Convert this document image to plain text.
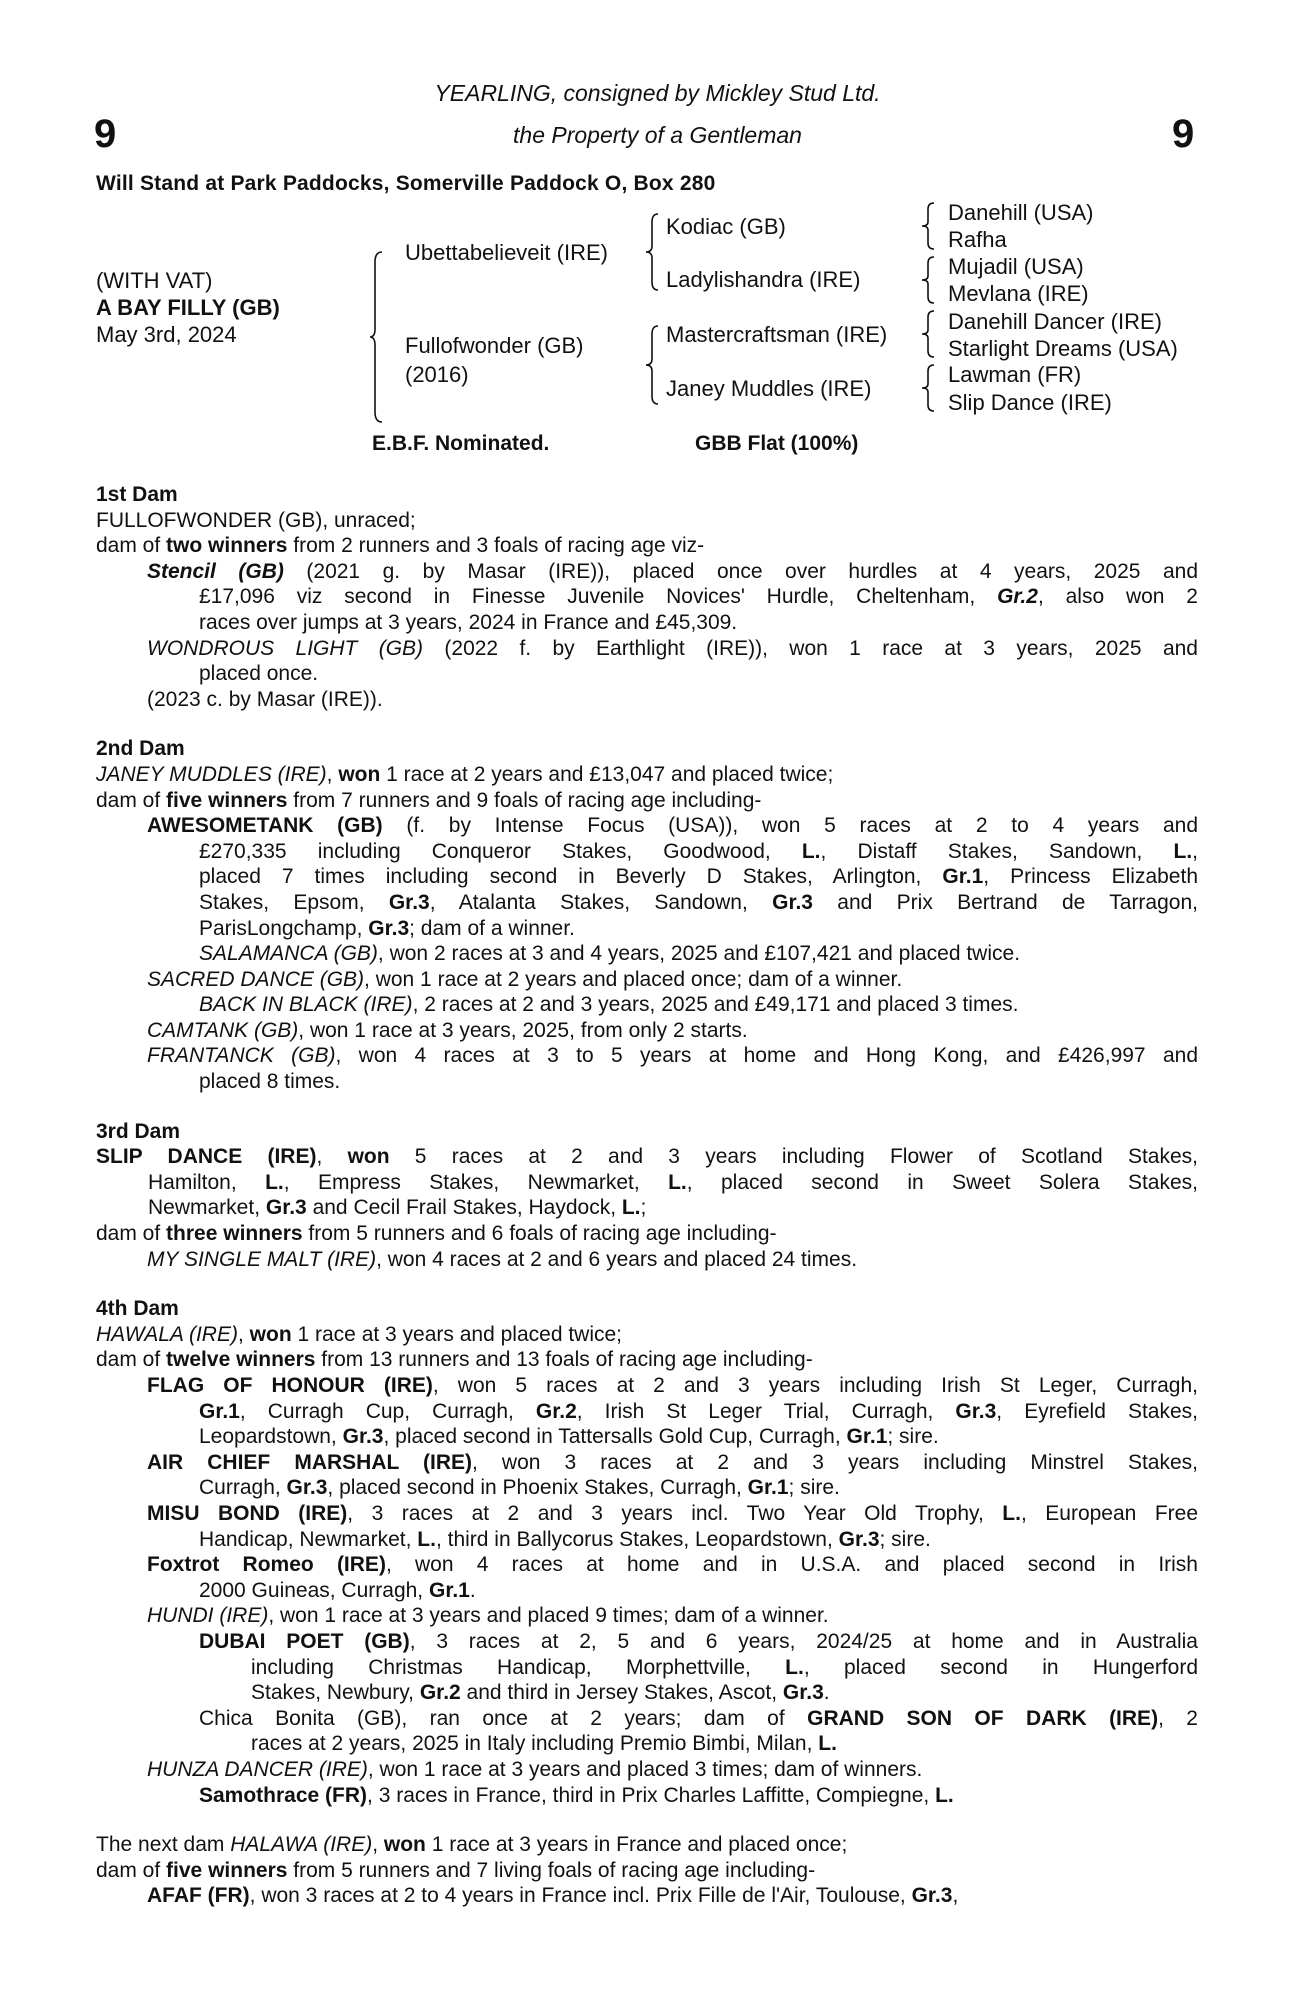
YEARLING, consigned by Mickley Stud Ltd.
the Property of a Gentleman
9	9
Will Stand at Park Paddocks, Somerville Paddock O, Box 280
(WITH VAT)
A BAY FILLY (GB)
May 3rd, 2024
Ubettabelieveit (IRE)
Fullofwonder (GB)
(2016)
Kodiac (GB)
Ladylishandra (IRE)
Mastercraftsman (IRE)
Janey Muddles (IRE)
Danehill (USA)
Rafha
Mujadil (USA)
Mevlana (IRE)
Danehill Dancer (IRE)
Starlight Dreams (USA)
Lawman (FR)
Slip Dance (IRE)
E.B.F. Nominated.	GBB Flat (100%)
1st Dam
FULLOFWONDER (GB), unraced;
dam of two winners from 2 runners and 3 foals of racing age viz-
Stencil (GB) (2021 g. by Masar (IRE)), placed once over hurdles at 4 years, 2025 and
£17,096 viz second in Finesse Juvenile Novices' Hurdle, Cheltenham, Gr.2, also won 2
races over jumps at 3 years, 2024 in France and £45,309.
WONDROUS LIGHT (GB) (2022 f. by Earthlight (IRE)), won 1 race at 3 years, 2025 and
placed once.
(2023 c. by Masar (IRE)).
2nd Dam
JANEY MUDDLES (IRE), won 1 race at 2 years and £13,047 and placed twice;
dam of five winners from 7 runners and 9 foals of racing age including-
AWESOMETANK (GB) (f. by Intense Focus (USA)), won 5 races at 2 to 4 years and
£270,335 including Conqueror Stakes, Goodwood, L., Distaff Stakes, Sandown, L.,
placed 7 times including second in Beverly D Stakes, Arlington, Gr.1, Princess Elizabeth
Stakes, Epsom, Gr.3, Atalanta Stakes, Sandown, Gr.3 and Prix Bertrand de Tarragon,
ParisLongchamp, Gr.3; dam of a winner.
SALAMANCA (GB), won 2 races at 3 and 4 years, 2025 and £107,421 and placed twice.
SACRED DANCE (GB), won 1 race at 2 years and placed once; dam of a winner.
BACK IN BLACK (IRE), 2 races at 2 and 3 years, 2025 and £49,171 and placed 3 times.
CAMTANK (GB), won 1 race at 3 years, 2025, from only 2 starts.
FRANTANCK (GB), won 4 races at 3 to 5 years at home and Hong Kong, and £426,997 and
placed 8 times.
3rd Dam
SLIP DANCE (IRE), won 5 races at 2 and 3 years including Flower of Scotland Stakes,
Hamilton, L., Empress Stakes, Newmarket, L., placed second in Sweet Solera Stakes,
Newmarket, Gr.3 and Cecil Frail Stakes, Haydock, L.;
dam of three winners from 5 runners and 6 foals of racing age including-
MY SINGLE MALT (IRE), won 4 races at 2 and 6 years and placed 24 times.
4th Dam
HAWALA (IRE), won 1 race at 3 years and placed twice;
dam of twelve winners from 13 runners and 13 foals of racing age including-
FLAG OF HONOUR (IRE), won 5 races at 2 and 3 years including Irish St Leger, Curragh,
Gr.1, Curragh Cup, Curragh, Gr.2, Irish St Leger Trial, Curragh, Gr.3, Eyrefield Stakes,
Leopardstown, Gr.3, placed second in Tattersalls Gold Cup, Curragh, Gr.1; sire.
AIR CHIEF MARSHAL (IRE), won 3 races at 2 and 3 years including Minstrel Stakes,
Curragh, Gr.3, placed second in Phoenix Stakes, Curragh, Gr.1; sire.
MISU BOND (IRE), 3 races at 2 and 3 years incl. Two Year Old Trophy, L., European Free
Handicap, Newmarket, L., third in Ballycorus Stakes, Leopardstown, Gr.3; sire.
Foxtrot Romeo (IRE), won 4 races at home and in U.S.A. and placed second in Irish
2000 Guineas, Curragh, Gr.1.
HUNDI (IRE), won 1 race at 3 years and placed 9 times; dam of a winner.
DUBAI POET (GB), 3 races at 2, 5 and 6 years, 2024/25 at home and in Australia
including Christmas Handicap, Morphettville, L., placed second in Hungerford
Stakes, Newbury, Gr.2 and third in Jersey Stakes, Ascot, Gr.3.
Chica Bonita (GB), ran once at 2 years; dam of GRAND SON OF DARK (IRE), 2
races at 2 years, 2025 in Italy including Premio Bimbi, Milan, L.
HUNZA DANCER (IRE), won 1 race at 3 years and placed 3 times; dam of winners.
Samothrace (FR), 3 races in France, third in Prix Charles Laffitte, Compiegne, L.
The next dam HALAWA (IRE), won 1 race at 3 years in France and placed once;
dam of five winners from 5 runners and 7 living foals of racing age including-
AFAF (FR), won 3 races at 2 to 4 years in France incl. Prix Fille de l'Air, Toulouse, Gr.3,
